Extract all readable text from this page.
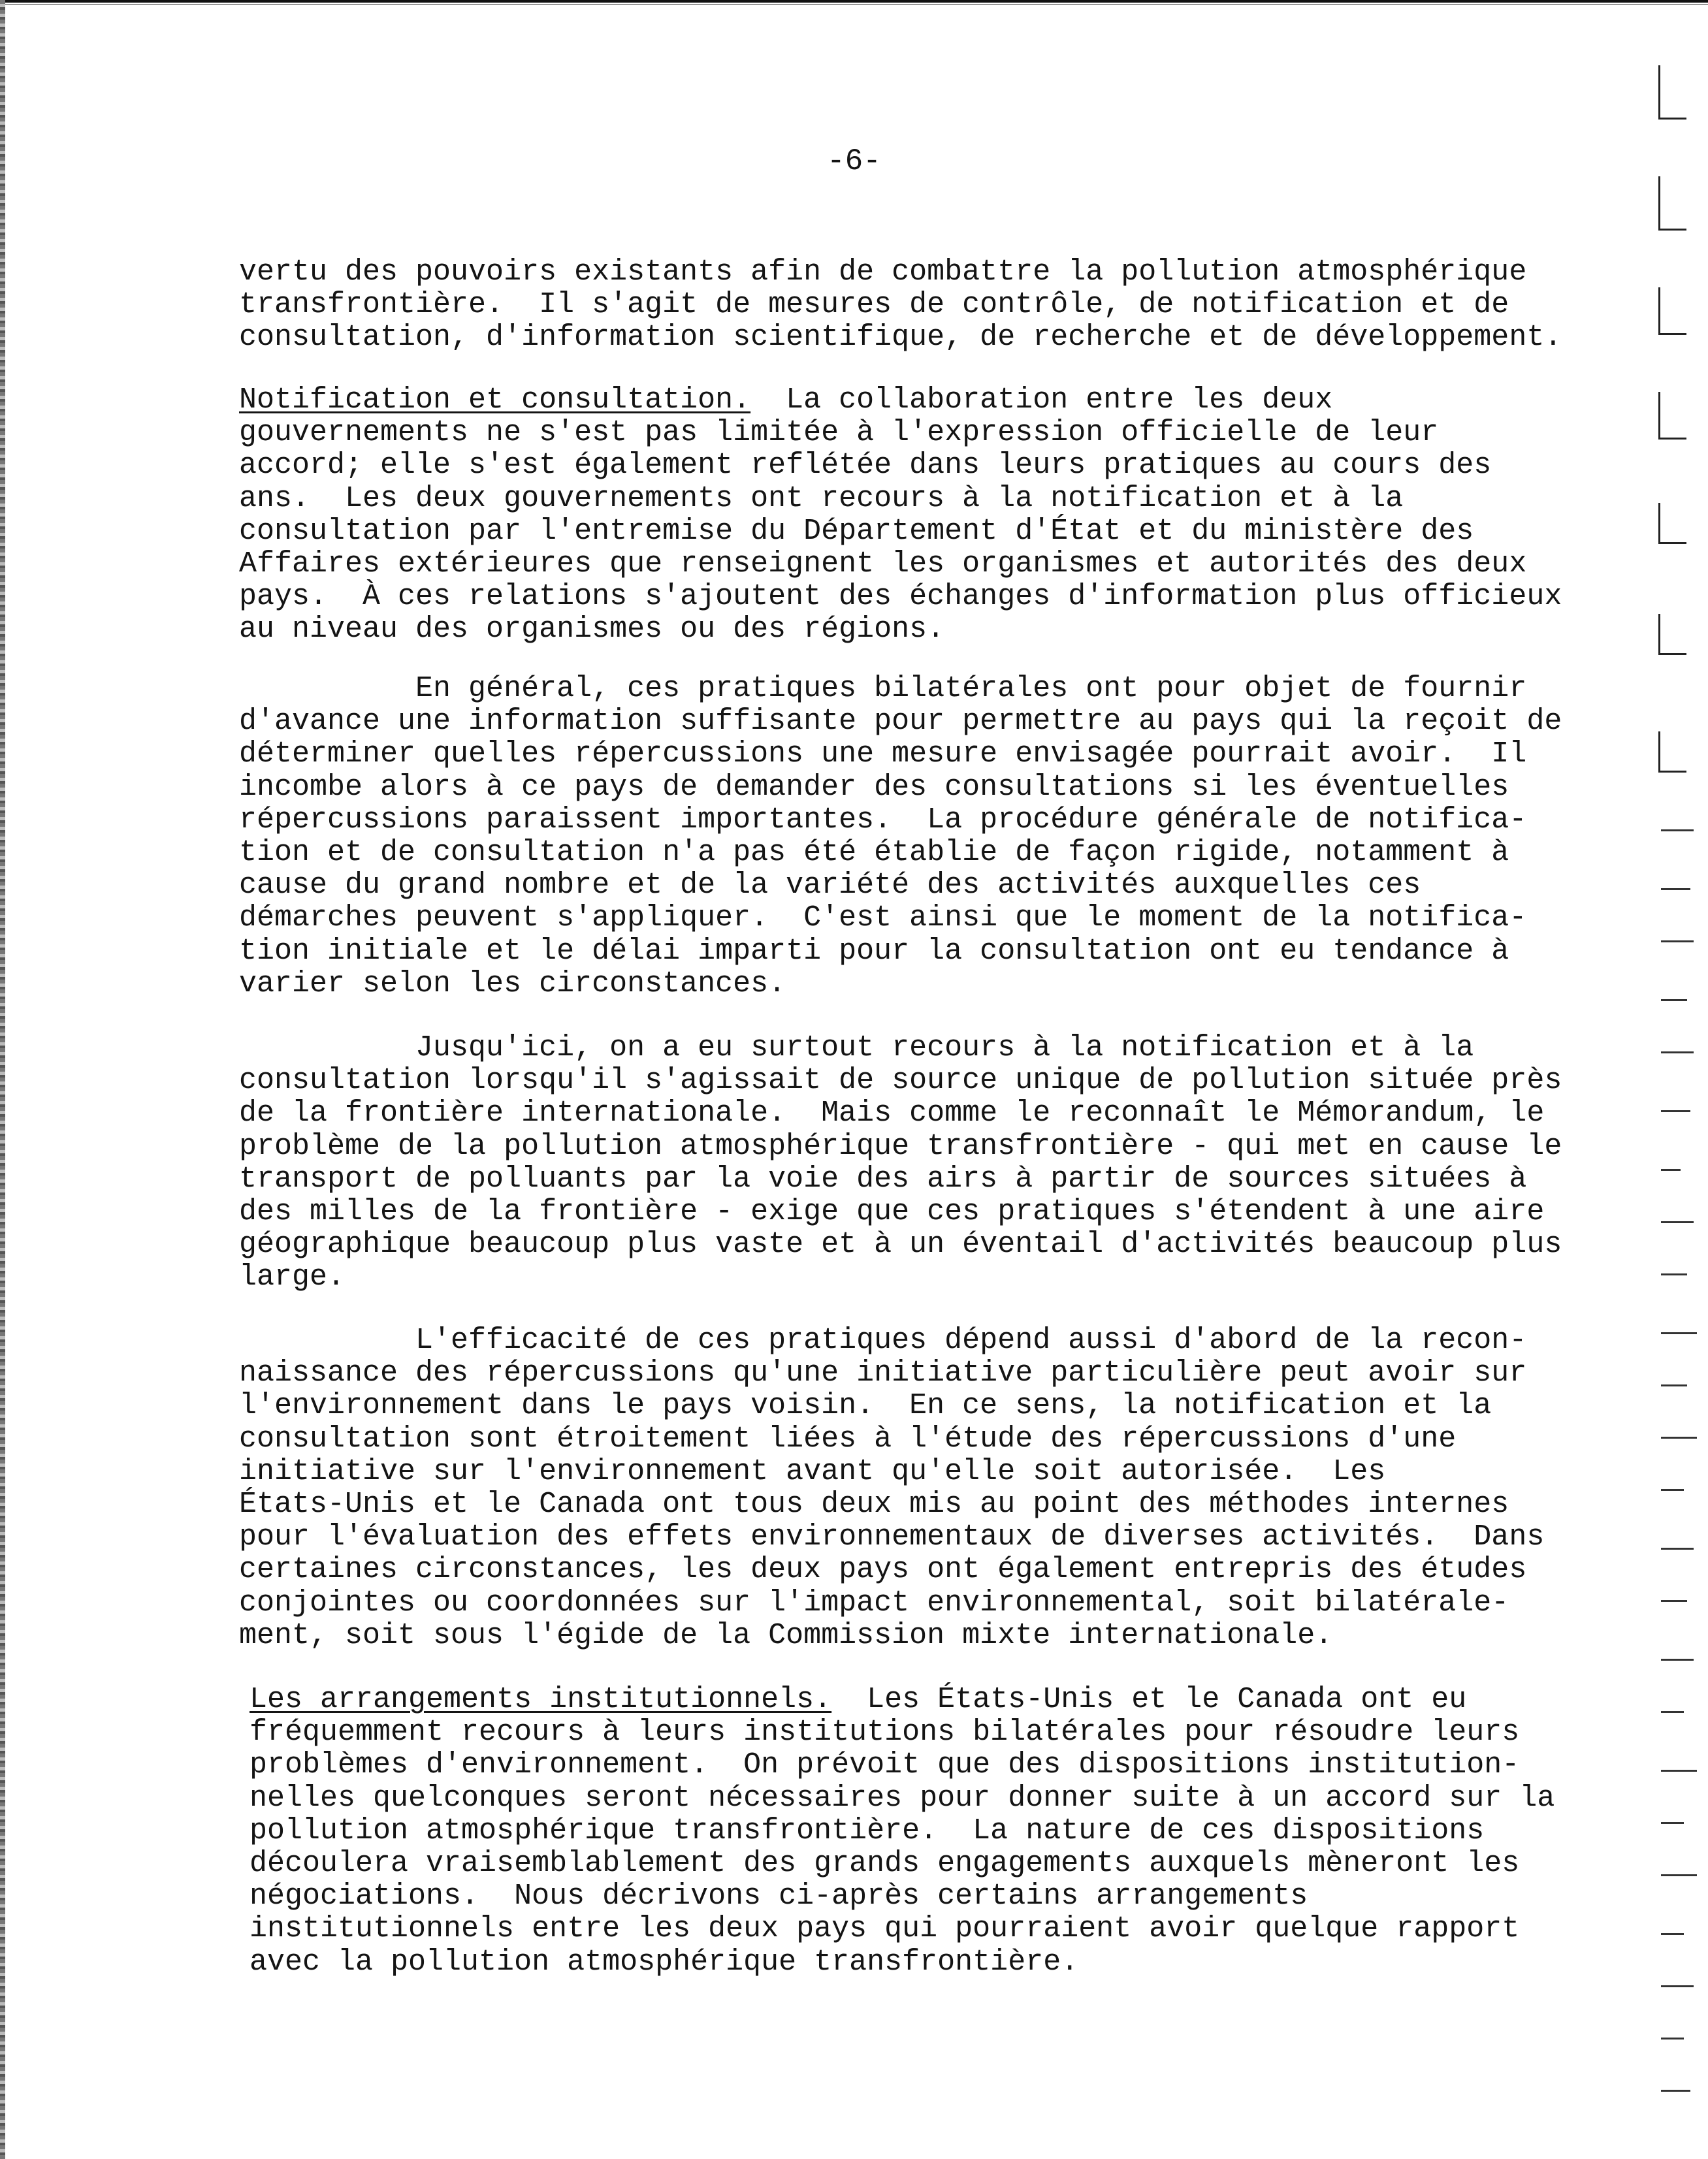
-6-
vertu des pouvoirs existants afin de combattre la pollution atmosphérique
transfrontière.  Il s'agit de mesures de contrôle, de notification et de
consultation, d'information scientifique, de recherche et de développement.
Notification et consultation.  La collaboration entre les deux
gouvernements ne s'est pas limitée à l'expression officielle de leur
accord; elle s'est également reflétée dans leurs pratiques au cours des
ans.  Les deux gouvernements ont recours à la notification et à la
consultation par l'entremise du Département d'État et du ministère des
Affaires extérieures que renseignent les organismes et autorités des deux
pays.  À ces relations s'ajoutent des échanges d'information plus officieux
au niveau des organismes ou des régions.
En général, ces pratiques bilatérales ont pour objet de fournir
d'avance une information suffisante pour permettre au pays qui la reçoit de
déterminer quelles répercussions une mesure envisagée pourrait avoir.  Il
incombe alors à ce pays de demander des consultations si les éventuelles
répercussions paraissent importantes.  La procédure générale de notifica-
tion et de consultation n'a pas été établie de façon rigide, notamment à
cause du grand nombre et de la variété des activités auxquelles ces
démarches peuvent s'appliquer.  C'est ainsi que le moment de la notifica-
tion initiale et le délai imparti pour la consultation ont eu tendance à
varier selon les circonstances.
Jusqu'ici, on a eu surtout recours à la notification et à la
consultation lorsqu'il s'agissait de source unique de pollution située près
de la frontière internationale.  Mais comme le reconnaît le Mémorandum, le
problème de la pollution atmosphérique transfrontière - qui met en cause le
transport de polluants par la voie des airs à partir de sources situées à
des milles de la frontière - exige que ces pratiques s'étendent à une aire
géographique beaucoup plus vaste et à un éventail d'activités beaucoup plus
large.
L'efficacité de ces pratiques dépend aussi d'abord de la recon-
naissance des répercussions qu'une initiative particulière peut avoir sur
l'environnement dans le pays voisin.  En ce sens, la notification et la
consultation sont étroitement liées à l'étude des répercussions d'une
initiative sur l'environnement avant qu'elle soit autorisée.  Les
États-Unis et le Canada ont tous deux mis au point des méthodes internes
pour l'évaluation des effets environnementaux de diverses activités.  Dans
certaines circonstances, les deux pays ont également entrepris des études
conjointes ou coordonnées sur l'impact environnemental, soit bilatérale-
ment, soit sous l'égide de la Commission mixte internationale.
Les arrangements institutionnels.  Les États-Unis et le Canada ont eu
fréquemment recours à leurs institutions bilatérales pour résoudre leurs
problèmes d'environnement.  On prévoit que des dispositions institution-
nelles quelconques seront nécessaires pour donner suite à un accord sur la
pollution atmosphérique transfrontière.  La nature de ces dispositions
découlera vraisemblablement des grands engagements auxquels mèneront les
négociations.  Nous décrivons ci-après certains arrangements
institutionnels entre les deux pays qui pourraient avoir quelque rapport
avec la pollution atmosphérique transfrontière.
